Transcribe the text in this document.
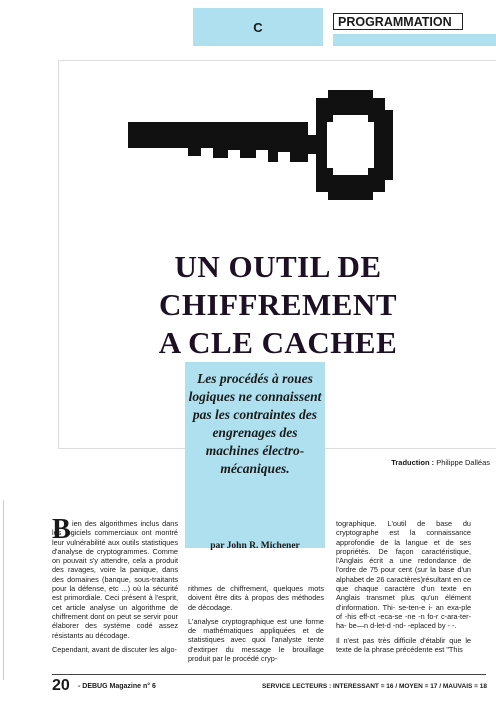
C	PROGRAMMATION
UN OUTIL DE
CHIFFREMENT
A CLE CACHEE
Les procédés à roues logiques ne connaissent pas les contraintes des engrenages des machines électro-mécaniques.
par John R. Michener
Traduction : Philippe Dalléas
B ien des algorithmes inclus dans les logiciels commerciaux ont montré leur vulnérabilité aux outils statistiques d'analyse de cryptogrammes. Comme on pouvait s'y attendre, cela a produit des ravages, voire la panique, dans des domaines (banque, sous-traitants pour la défense, etc ...) où la sécurité est primordiale. Ceci présent à l'esprit, cet article analyse un algorithme de chiffrement dont on peut se servir pour élaborer des système codé assez résistants au décodage.

Cependant, avant de discuter les algo-

rithmes de chiffrement, quelques mots doivent être dits à propos des méthodes de décodage.

L'analyse cryptographique est une forme de mathématiques appliquées et de statistiques avec quoi l'analyste tente d'extirper du message le brouillage produit par le procédé cryp-

tographique. L'outil de base du cryptographe est la connaissance approfondie de la langue et de ses propriétés. De façon caractéristique, l'Anglais écrit a une redondance de l'ordre de 75 pour cent (sur la base d'un alphabet de 26 caractères)résultant en ce que chaque caractère d'un texte en Anglais transmet plus qu'un élément d'information. Thi- se-ten-e i- an exa-ple of -his eff-ct -eca-se -ne -n fo-r c-ara-ter- ha- be—n d-let-d -nd- -eplaced by - -.

Il n'est pas très difficile d'établir que le texte de la phrase précédente est "This

20 - DEBUG Magazine n° 6	SERVICE LECTEURS : INTERESSANT = 16 / MOYEN = 17 / MAUVAIS = 18
